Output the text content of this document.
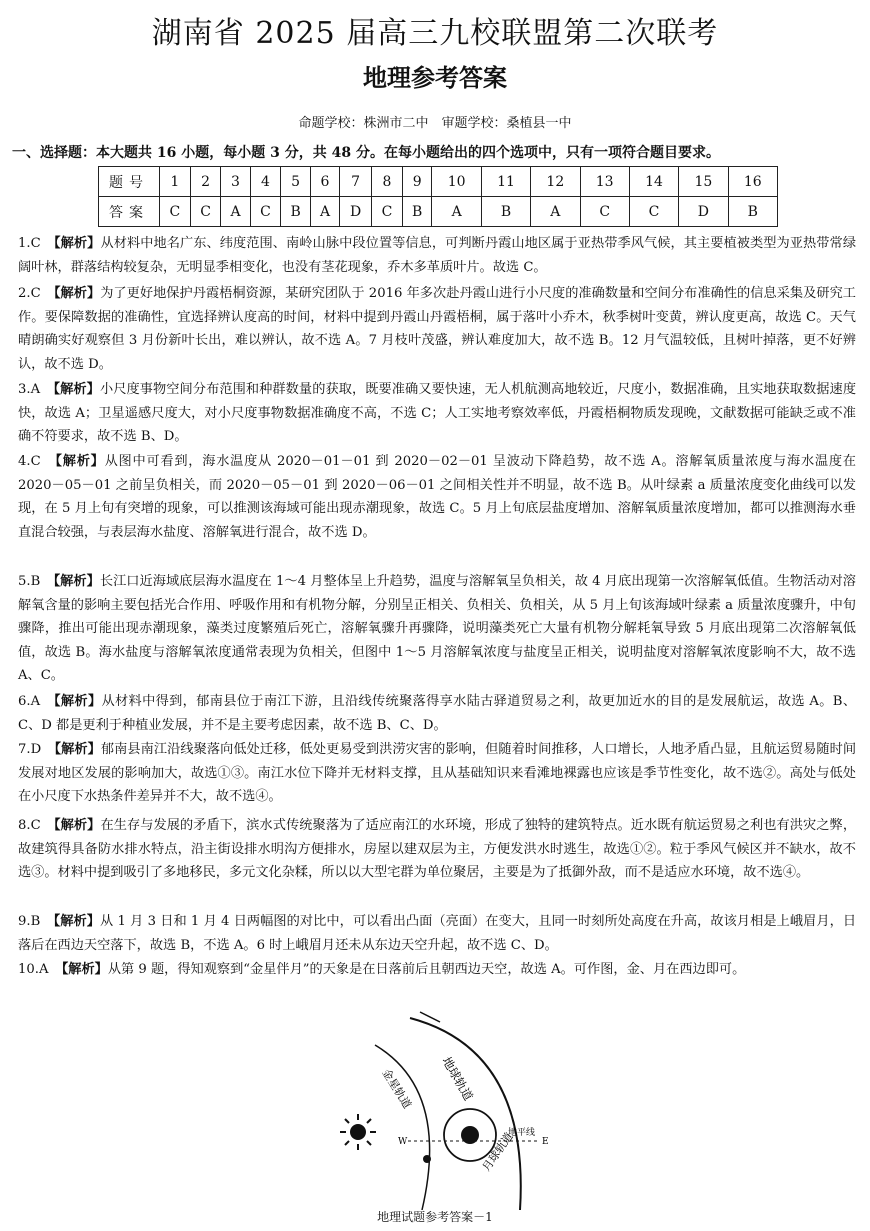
湖南省 2025 届高三九校联盟第二次联考
地理参考答案
命题学校：株洲市二中　审题学校：桑植县一中
一、选择题：本大题共 16 小题，每小题 3 分，共 48 分。在每小题给出的四个选项中，只有一项符合题目要求。
题号	1	2	3	4	5	6	7	8	9	10	11	12	13	14	15	16
答案	C	C	A	C	B	A	D	C	B	A	B	A	C	C	D	B
1.C　 【解析】从材料中地名广东、纬度范围、南岭山脉中段位置等信息，可判断丹霞山地区属于亚热带季风气候，其主要植被类型为亚热带常绿阔叶林，群落结构较复杂，无明显季相变化，也没有茎花现象，乔木多革质叶片。故选 C。
2.C　 【解析】为了更好地保护丹霞梧桐资源，某研究团队于 2016 年多次赴丹霞山进行小尺度的准确数量和空间分布准确性的信息采集及研究工作。要保障数据的准确性，宜选择辨认度高的时间，材料中提到丹霞山丹霞梧桐，属于落叶小乔木，秋季树叶变黄，辨认度更高，故选 C。天气晴朗确实好观察但 3 月份新叶长出，难以辨认，故不选 A。7 月枝叶茂盛，辨认难度加大，故不选 B。12 月气温较低，且树叶掉落，更不好辨认，故不选 D。
3.A　 【解析】小尺度事物空间分布范围和种群数量的获取，既要准确又要快速，无人机航测高地较近，尺度小，数据准确，且实地获取数据速度快，故选 A；卫星遥感尺度大，对小尺度事物数据准确度不高，不选 C；人工实地考察效率低，丹霞梧桐物质发现晚，文献数据可能缺乏或不准确不符要求，故不选 B、D。
4.C　 【解析】从图中可看到，海水温度从 2020－01－01 到 2020－02－01 呈波动下降趋势，故不选 A。溶解氧质量浓度与海水温度在 2020－05－01 之前呈负相关，而 2020－05－01 到 2020－06－01 之间相关性并不明显，故不选 B。从叶绿素 a 质量浓度变化曲线可以发现，在 5 月上旬有突增的现象，可以推测该海域可能出现赤潮现象，故选 C。5 月上旬底层盐度增加、溶解氧质量浓度增加，都可以推测海水垂直混合较强，与表层海水盐度、溶解氧进行混合，故不选 D。
5.B　 【解析】长江口近海域底层海水温度在 1～4 月整体呈上升趋势，温度与溶解氧呈负相关，故 4 月底出现第一次溶解氧低值。生物活动对溶解氧含量的影响主要包括光合作用、呼吸作用和有机物分解，分别呈正相关、负相关、负相关，从 5 月上旬该海域叶绿素 a 质量浓度骤升，中旬骤降，推出可能出现赤潮现象，藻类过度繁殖后死亡，溶解氧骤升再骤降，说明藻类死亡大量有机物分解耗氧导致 5 月底出现第二次溶解氧低值，故选 B。海水盐度与溶解氧浓度通常表现为负相关，但图中 1～5 月溶解氧浓度与盐度呈正相关，说明盐度对溶解氧浓度影响不大，故不选 A、C。
6.A　 【解析】从材料中得到，郁南县位于南江下游，且沿线传统聚落得享水陆古驿道贸易之利，故更加近水的目的是发展航运，故选 A。B、C、D 都是更利于种植业发展，并不是主要考虑因素，故不选 B、C、D。
7.D　 【解析】郁南县南江沿线聚落向低处迁移，低处更易受到洪涝灾害的影响，但随着时间推移，人口增长，人地矛盾凸显，且航运贸易随时间发展对地区发展的影响加大，故选①③。南江水位下降并无材料支撑，且从基础知识来看滩地裸露也应该是季节性变化，故不选②。高处与低处在小尺度下水热条件差异并不大，故不选④。
8.C　 【解析】在生存与发展的矛盾下，滨水式传统聚落为了适应南江的水环境，形成了独特的建筑特点。近水既有航运贸易之利也有洪灾之弊，故建筑得具备防水排水特点，沿主街设排水明沟方便排水，房屋以建双层为主，方便发洪水时逃生，故选①②。粒于季风气候区并不缺水，故不选③。材料中提到吸引了多地移民，多元文化杂糅，所以以大型宅群为单位聚居，主要是为了抵御外敌，而不是适应水环境，故不选④。
9.B　 【解析】从 1 月 3 日和 1 月 4 日两幅图的对比中，可以看出凸面（亮面）在变大，且同一时刻所处高度在升高，故该月相是上峨眉月，日落后在西边天空落下，故选 B，不选 A。6 时上峨眉月还未从东边天空升起，故不选 C、D。
10.A　 【解析】从第 9 题，得知观察到“金星伴月”的天象是在日落前后且朝西边天空，故选 A。可作图，金、月在西边即可。
地球轨道
金星轨道
月球轨道
地平线
W	E
地理试题参考答案－1
